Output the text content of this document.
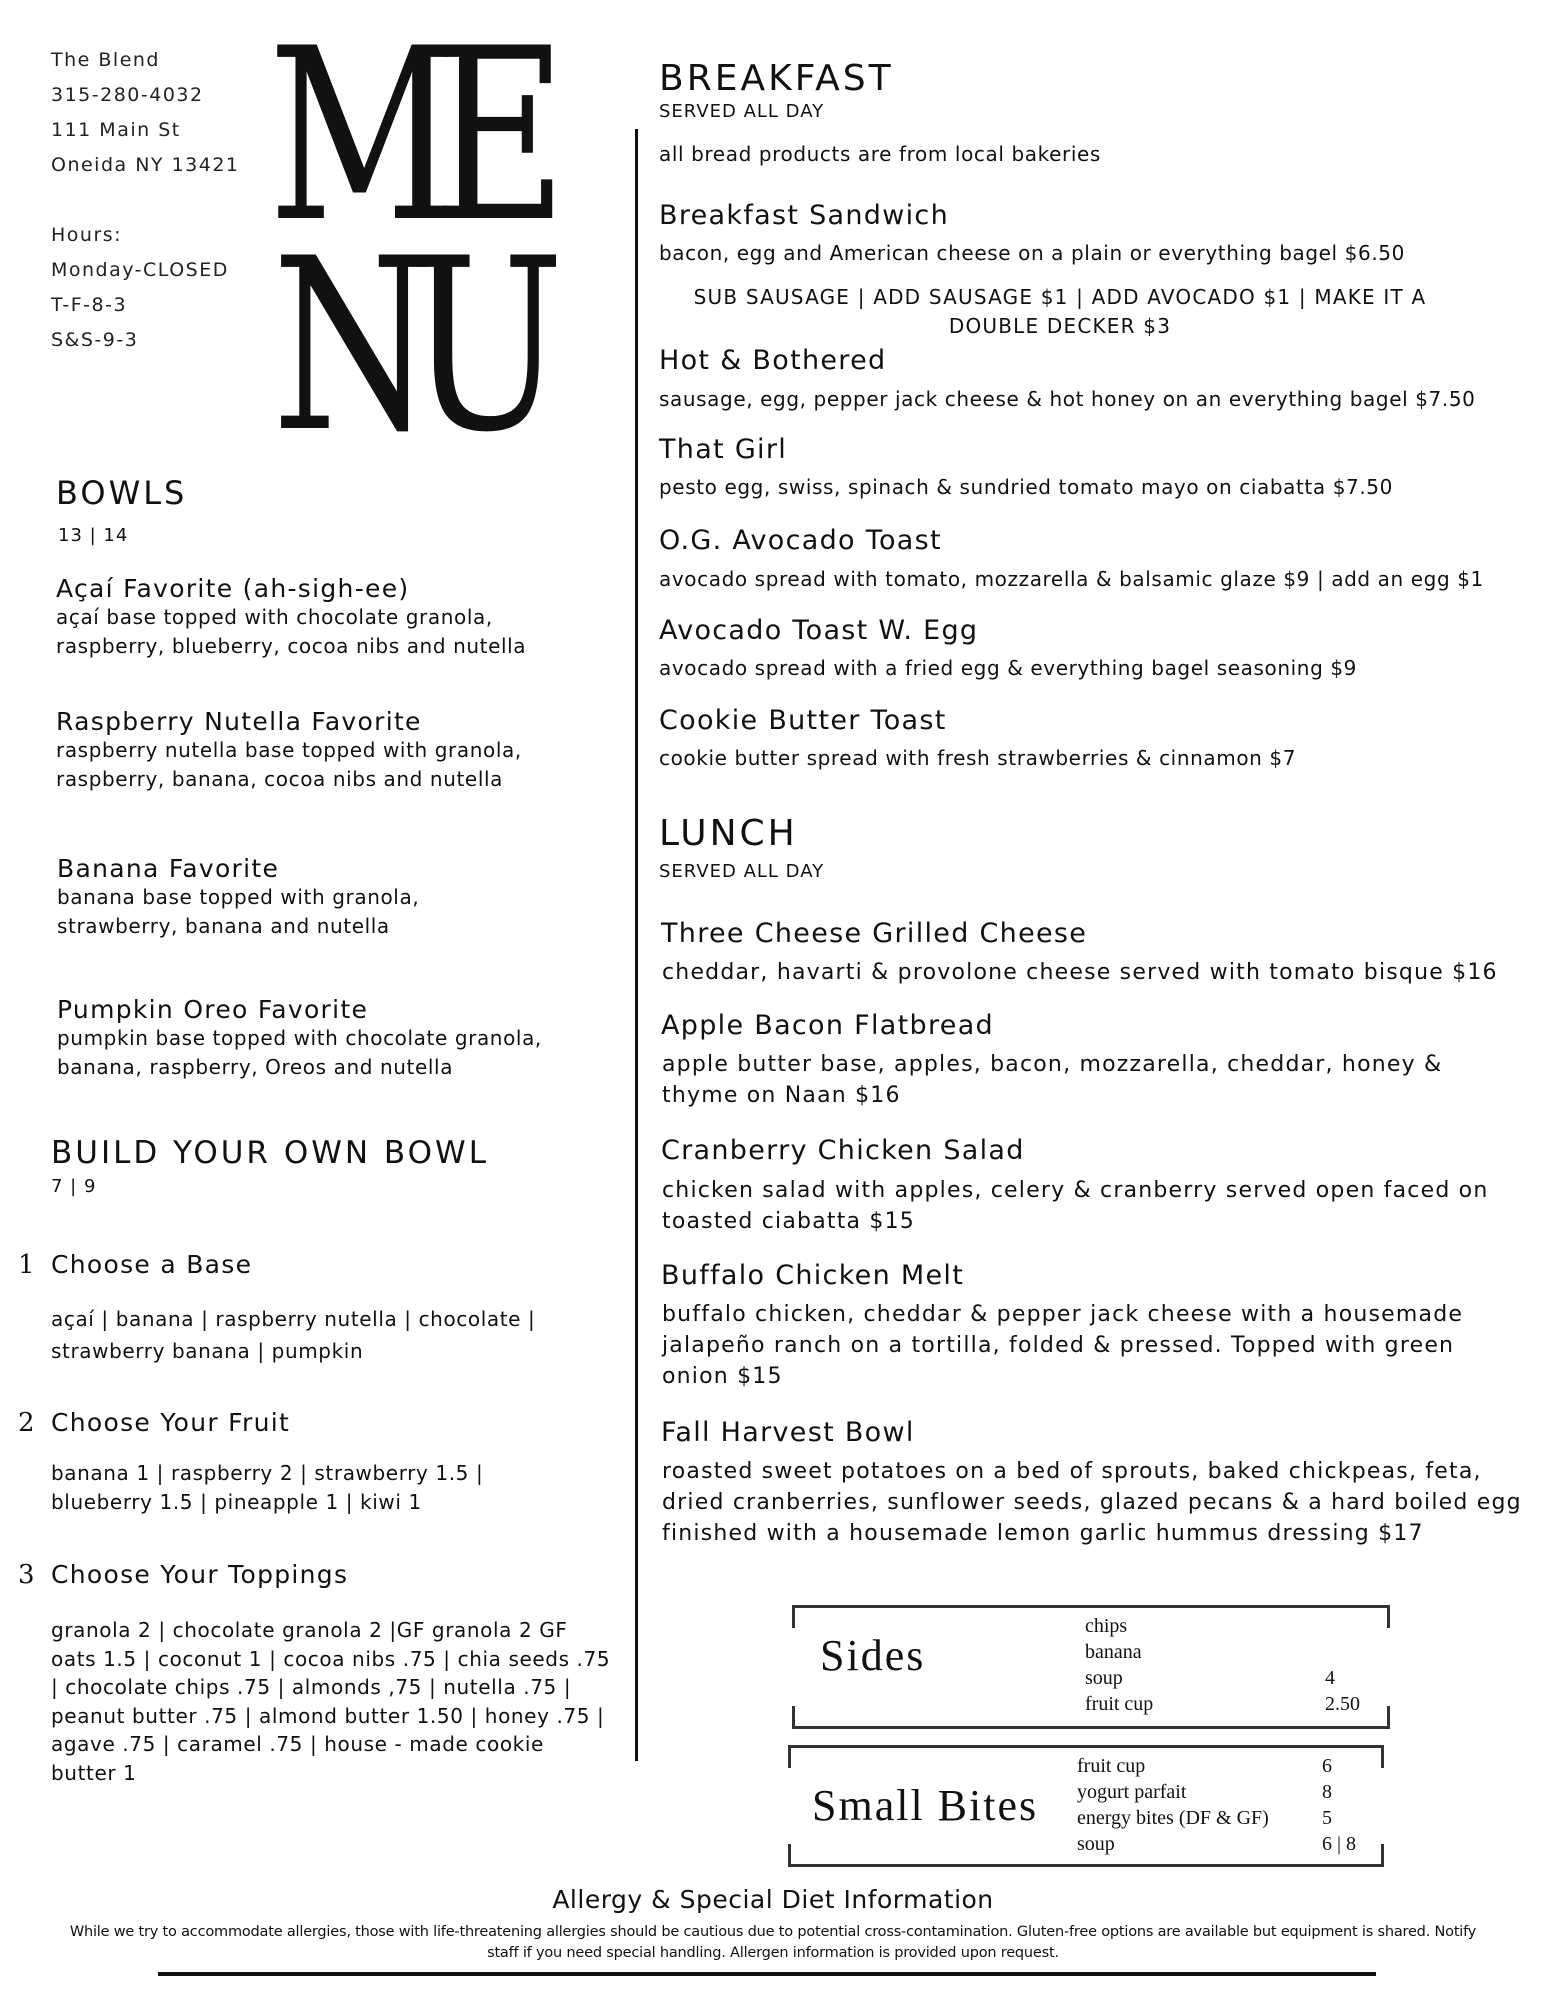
The Blend
315-280-4032
111 Main St
Oneida NY 13421
Hours:
Monday-CLOSED
T-F-8-3
S&S-9-3
ME
NU
BOWLS
13 | 14
Açaí Favorite (ah-sigh-ee)
açaí base topped with chocolate granola,
raspberry, blueberry, cocoa nibs and nutella
Raspberry Nutella Favorite
raspberry nutella base topped with granola,
raspberry, banana, cocoa nibs and nutella
Banana Favorite
banana base topped with granola,
strawberry, banana and nutella
Pumpkin Oreo Favorite
pumpkin base topped with chocolate granola,
banana, raspberry, Oreos and nutella
BUILD YOUR OWN BOWL
7 | 9
1 Choose a Base
açaí | banana | raspberry nutella | chocolate | strawberry banana | pumpkin
2 Choose Your Fruit
banana 1 | raspberry 2 | strawberry 1.5 | blueberry 1.5 | pineapple 1 | kiwi 1
3 Choose Your Toppings
granola 2 | chocolate granola 2 |GF granola 2 GF oats 1.5 | coconut 1 | cocoa nibs .75 | chia seeds .75 | chocolate chips .75 | almonds ,75 | nutella .75 | peanut butter .75 | almond butter 1.50 | honey .75 | agave .75 | caramel .75 | house - made cookie butter 1
BREAKFAST
SERVED ALL DAY
all bread products are from local bakeries
Breakfast Sandwich
bacon, egg and American cheese on a plain or everything bagel $6.50
SUB SAUSAGE | ADD SAUSAGE $1 | ADD AVOCADO $1 | MAKE IT A DOUBLE DECKER $3
Hot & Bothered
sausage, egg, pepper jack cheese & hot honey on an everything bagel $7.50
That Girl
pesto egg, swiss, spinach & sundried tomato mayo on ciabatta $7.50
O.G. Avocado Toast
avocado spread with tomato, mozzarella & balsamic glaze $9 | add an egg $1
Avocado Toast W. Egg
avocado spread with a fried egg & everything bagel seasoning $9
Cookie Butter Toast
cookie butter spread with fresh strawberries & cinnamon $7
LUNCH
SERVED ALL DAY
Three Cheese Grilled Cheese
cheddar, havarti & provolone cheese served with tomato bisque $16
Apple Bacon Flatbread
apple butter base, apples, bacon, mozzarella, cheddar, honey & thyme on Naan $16
Cranberry Chicken Salad
chicken salad with apples, celery & cranberry served open faced on toasted ciabatta $15
Buffalo Chicken Melt
buffalo chicken, cheddar & pepper jack cheese with a housemade jalapeño ranch on a tortilla, folded & pressed. Topped with green onion $15
Fall Harvest Bowl
roasted sweet potatoes on a bed of sprouts, baked chickpeas, feta, dried cranberries, sunflower seeds, glazed pecans & a hard boiled egg finished with a housemade lemon garlic hummus dressing $17
Sides
chips
banana
soup	4
fruit cup	2.50
Small Bites
fruit cup	6
yogurt parfait	8
energy bites (DF & GF)	5
soup	6 | 8
Allergy & Special Diet Information
While we try to accommodate allergies, those with life-threatening allergies should be cautious due to potential cross-contamination. Gluten-free options are available but equipment is shared. Notify staff if you need special handling. Allergen information is provided upon request.
